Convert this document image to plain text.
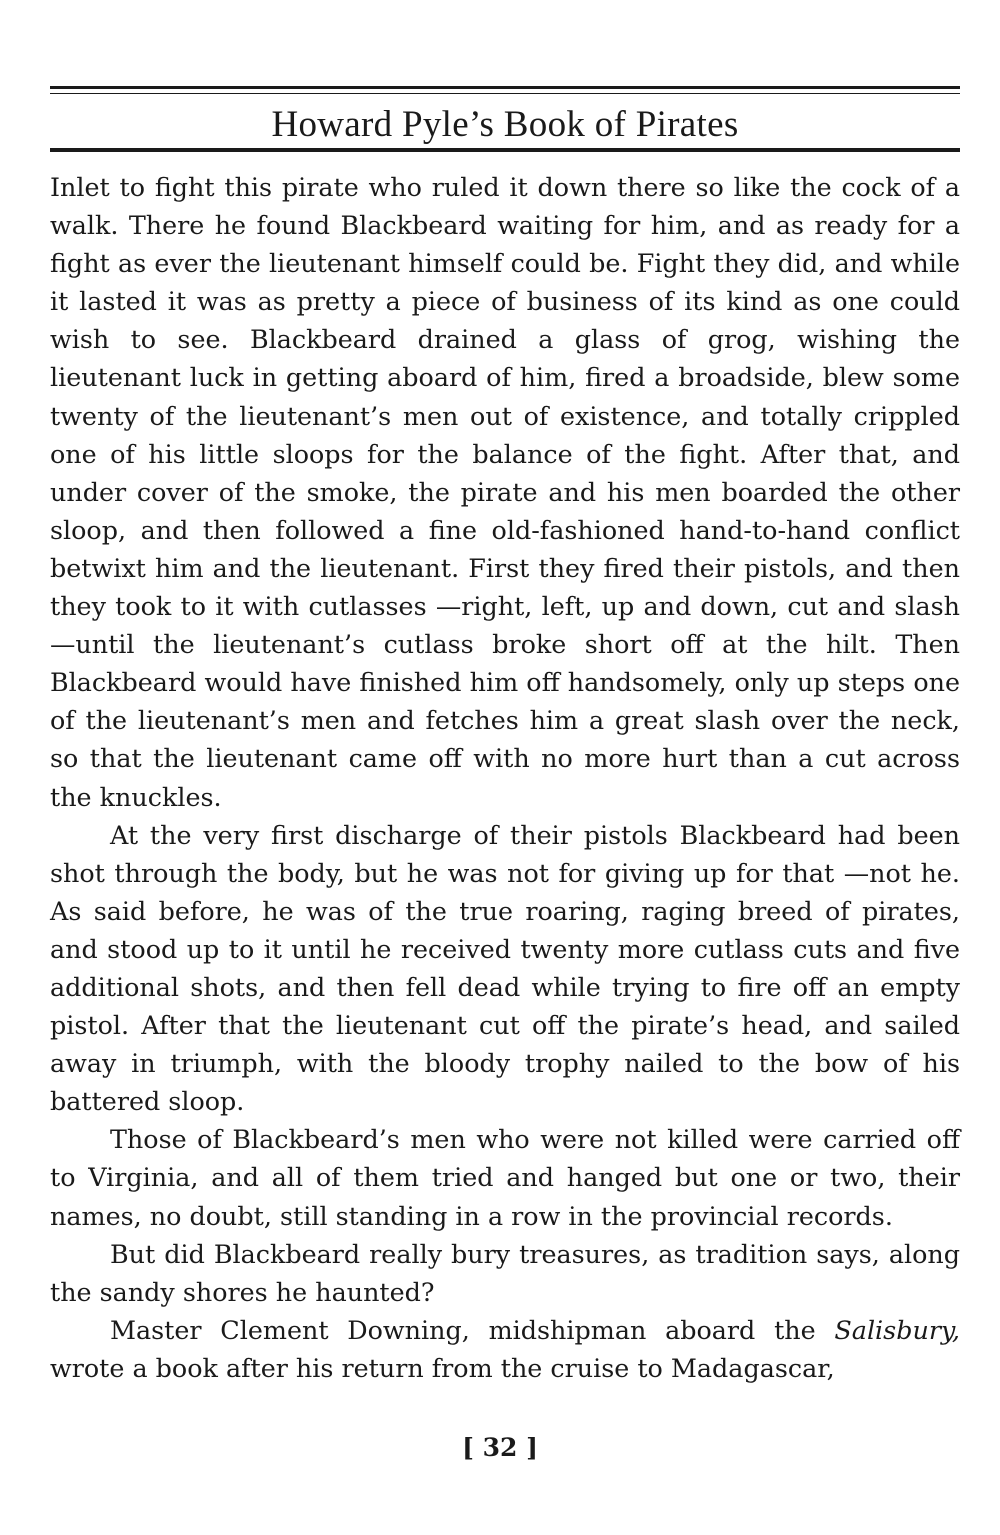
Howard Pyle’s Book of Pirates

Inlet to fight this pirate who ruled it down there so like the cock of a walk. There he found Blackbeard waiting for him, and as ready for a fight as ever the lieutenant himself could be. Fight they did, and while it lasted it was as pretty a piece of business of its kind as one could wish to see. Blackbeard drained a glass of grog, wishing the lieutenant luck in getting aboard of him, fired a broadside, blew some twenty of the lieutenant’s men out of existence, and totally crippled one of his little sloops for the balance of the fight. After that, and under cover of the smoke, the pirate and his men boarded the other sloop, and then followed a fine old-fashioned hand-to-hand conflict betwixt him and the lieutenant. First they fired their pistols, and then they took to it with cutlasses —right, left, up and down, cut and slash—until the lieutenant’s cutlass broke short off at the hilt. Then Blackbeard would have finished him off handsomely, only up steps one of the lieutenant’s men and fetches him a great slash over the neck, so that the lieutenant came off with no more hurt than a cut across the knuckles.

At the very first discharge of their pistols Blackbeard had been shot through the body, but he was not for giving up for that —not he. As said before, he was of the true roaring, raging breed of pirates, and stood up to it until he received twenty more cutlass cuts and five additional shots, and then fell dead while trying to fire off an empty pistol. After that the lieutenant cut off the pirate’s head, and sailed away in triumph, with the bloody trophy nailed to the bow of his battered sloop.

Those of Blackbeard’s men who were not killed were carried off to Virginia, and all of them tried and hanged but one or two, their names, no doubt, still standing in a row in the provincial records.

But did Blackbeard really bury treasures, as tradition says, along the sandy shores he haunted?

Master Clement Downing, midshipman aboard the Salisbury, wrote a book after his return from the cruise to Madagascar,

[ 32 ]
